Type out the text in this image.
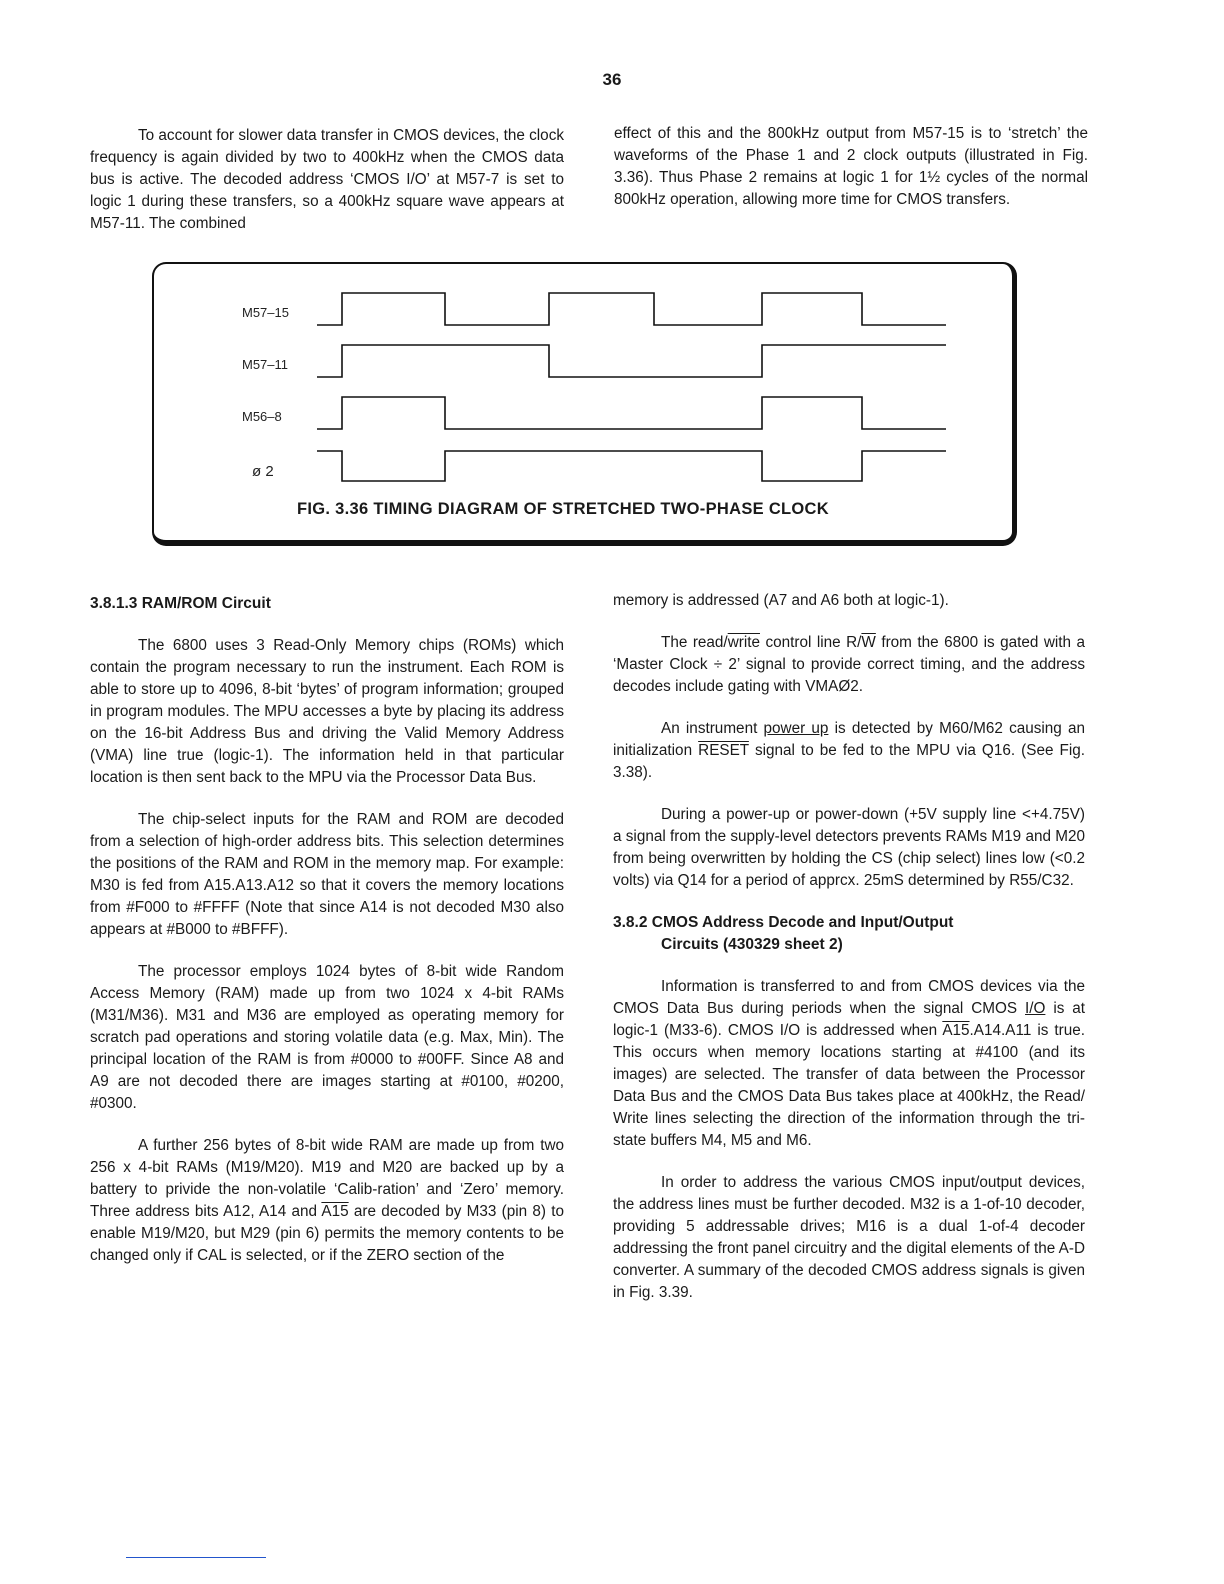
36

To account for slower data transfer in CMOS devices, the clock frequency is again divided by two to 400kHz when the CMOS data bus is active. The decoded address ‘CMOS I/O’ at M57-7 is set to logic 1 during these transfers, so a 400kHz square wave appears at M57-11. The combined

effect of this and the 800kHz output from M57-15 is to ‘stretch’ the waveforms of the Phase 1 and 2 clock outputs (illustrated in Fig. 3.36). Thus Phase 2 remains at logic 1 for 1½ cycles of the normal 800kHz operation, allowing more time for CMOS transfers.

M57–15
M57–11
M56–8
ø 2
FIG. 3.36 TIMING DIAGRAM OF STRETCHED TWO-PHASE CLOCK
3.8.1.3 RAM/ROM Circuit

The 6800 uses 3 Read-Only Memory chips (ROMs) which contain the program necessary to run the instrument. Each ROM is able to store up to 4096, 8-bit ‘bytes’ of program information; grouped in program modules. The MPU accesses a byte by placing its address on the 16-bit Address Bus and driving the Valid Memory Address (VMA) line true (logic-1). The information held in that particular location is then sent back to the MPU via the Processor Data Bus.

The chip-select inputs for the RAM and ROM are decoded from a selection of high-order address bits. This selection determines the positions of the RAM and ROM in the memory map. For example: M30 is fed from A15.A13.A12 so that it covers the memory locations from #F000 to #FFFF (Note that since A14 is not decoded M30 also appears at #B000 to #BFFF).

The processor employs 1024 bytes of 8-bit wide Random Access Memory (RAM) made up from two 1024 x 4-bit RAMs (M31/M36). M31 and M36 are employed as operating memory for scratch pad operations and storing volatile data (e.g. Max, Min). The principal location of the RAM is from #0000 to #00FF. Since A8 and A9 are not decoded there are images starting at #0100, #0200, #0300.

A further 256 bytes of 8-bit wide RAM are made up from two 256 x 4-bit RAMs (M19/M20). M19 and M20 are backed up by a battery to privide the non-volatile ‘Calib-ration’ and ‘Zero’ memory. Three address bits A12, A14 and A15 are decoded by M33 (pin 8) to enable M19/M20, but M29 (pin 6) permits the memory contents to be changed only if CAL is selected, or if the ZERO section of the

memory is addressed (A7 and A6 both at logic-1).

The read/write control line $R/\overline{W}$ from the 6800 is gated with a ‘Master Clock ÷ 2’ signal to provide correct timing, and the address decodes include gating with VMAØ2.

An instrument power up is detected by M60/M62 causing an initialization RESET signal to be fed to the MPU via Q16. (See Fig. 3.38).

During a power-up or power-down (+5V supply line <+4.75V) a signal from the supply-level detectors prevents RAMs M19 and M20 from being overwritten by holding the CS (chip select) lines low (<0.2 volts) via Q14 for a period of apprcx. 25mS determined by R55/C32.

3.8.2 CMOS Address Decode and Input/Output
Circuits (430329 sheet 2)

Information is transferred to and from CMOS devices via the CMOS Data Bus during periods when the signal CMOS I/O is at logic-1 (M33-6). CMOS I/O is addressed when A15.A14.A11 is true. This occurs when memory locations starting at #4100 (and its images) are selected. The transfer of data between the Processor Data Bus and the CMOS Data Bus takes place at 400kHz, the Read/ Write lines selecting the direction of the information through the tri-state buffers M4, M5 and M6.

In order to address the various CMOS input/output devices, the address lines must be further decoded. M32 is a 1-of-10 decoder, providing 5 addressable drives; M16 is a dual 1-of-4 decoder addressing the front panel circuitry and the digital elements of the A-D converter. A summary of the decoded CMOS address signals is given in Fig. 3.39.
